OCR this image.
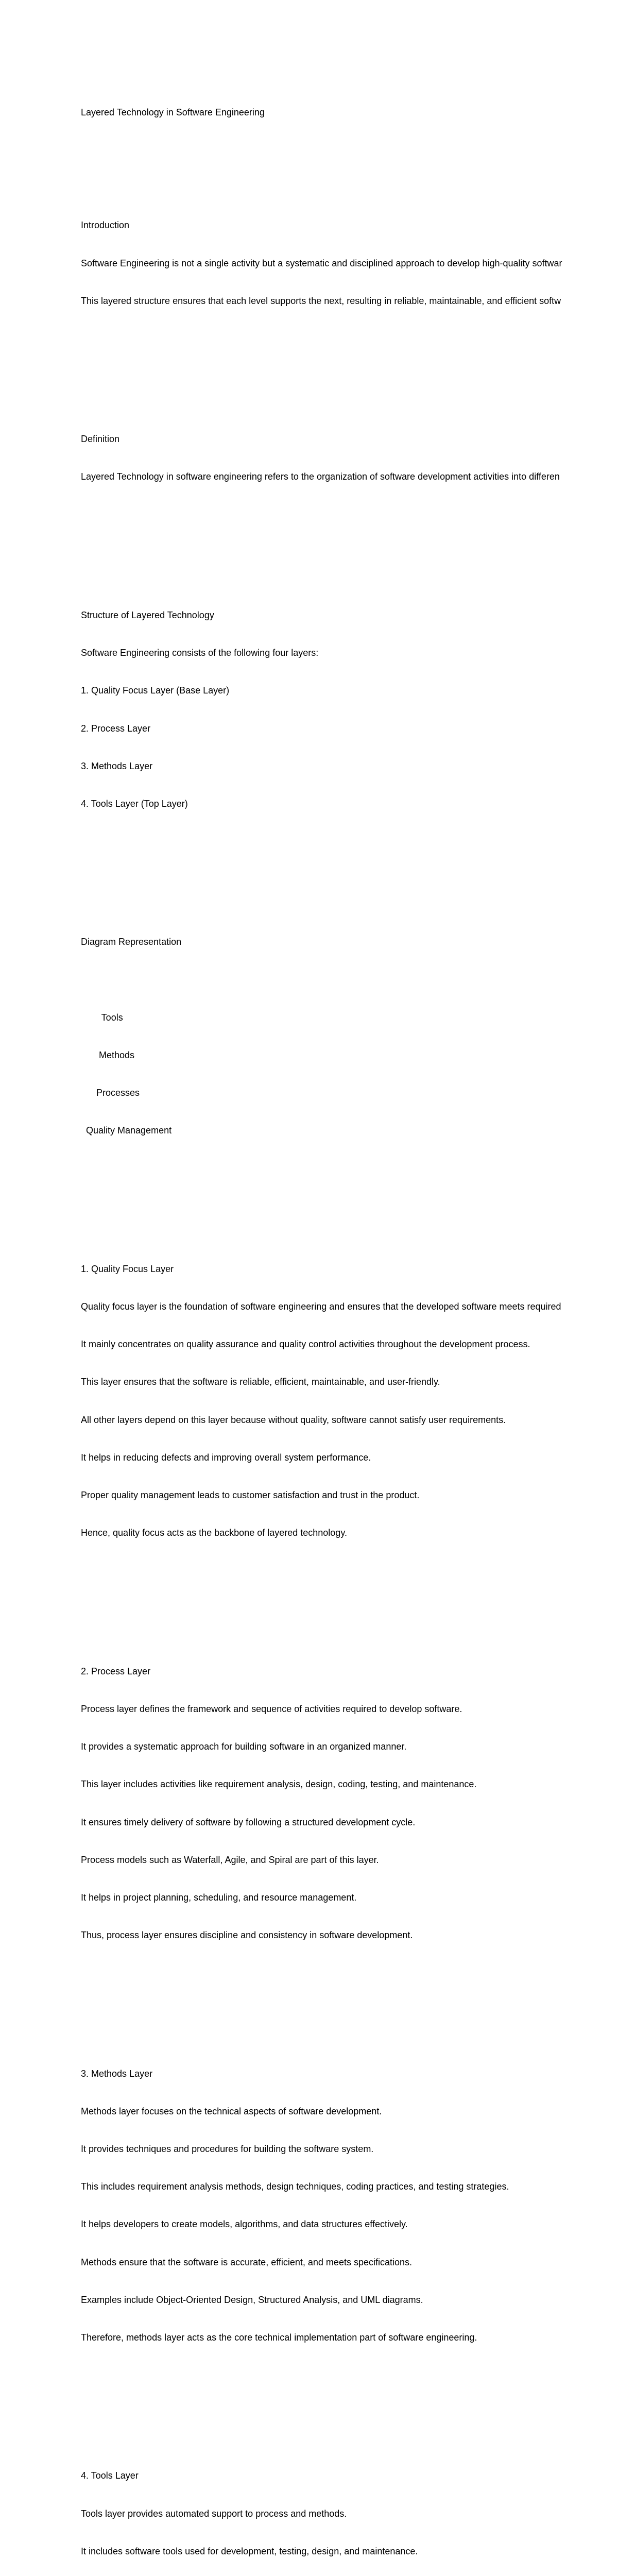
Layered Technology in Software Engineering

Introduction

Software Engineering is not a single activity but a systematic and disciplined approach to develop high-quality softwar

This layered structure ensures that each level supports the next, resulting in reliable, maintainable, and efficient softw

Definition

Layered Technology in software engineering refers to the organization of software development activities into differen

Structure of Layered Technology

Software Engineering consists of the following four layers:

1. Quality Focus Layer (Base Layer)

2. Process Layer

3. Methods Layer

4. Tools Layer (Top Layer)

Diagram Representation

Tools

Methods

Processes

Quality Management

1. Quality Focus Layer

Quality focus layer is the foundation of software engineering and ensures that the developed software meets required

It mainly concentrates on quality assurance and quality control activities throughout the development process.

This layer ensures that the software is reliable, efficient, maintainable, and user-friendly.

All other layers depend on this layer because without quality, software cannot satisfy user requirements.

It helps in reducing defects and improving overall system performance.

Proper quality management leads to customer satisfaction and trust in the product.

Hence, quality focus acts as the backbone of layered technology.

2. Process Layer

Process layer defines the framework and sequence of activities required to develop software.

It provides a systematic approach for building software in an organized manner.

This layer includes activities like requirement analysis, design, coding, testing, and maintenance.

It ensures timely delivery of software by following a structured development cycle.

Process models such as Waterfall, Agile, and Spiral are part of this layer.

It helps in project planning, scheduling, and resource management.

Thus, process layer ensures discipline and consistency in software development.

3. Methods Layer

Methods layer focuses on the technical aspects of software development.

It provides techniques and procedures for building the software system.

This includes requirement analysis methods, design techniques, coding practices, and testing strategies.

It helps developers to create models, algorithms, and data structures effectively.

Methods ensure that the software is accurate, efficient, and meets specifications.

Examples include Object-Oriented Design, Structured Analysis, and UML diagrams.

Therefore, methods layer acts as the core technical implementation part of software engineering.

4. Tools Layer

Tools layer provides automated support to process and methods.

It includes software tools used for development, testing, design, and maintenance.
